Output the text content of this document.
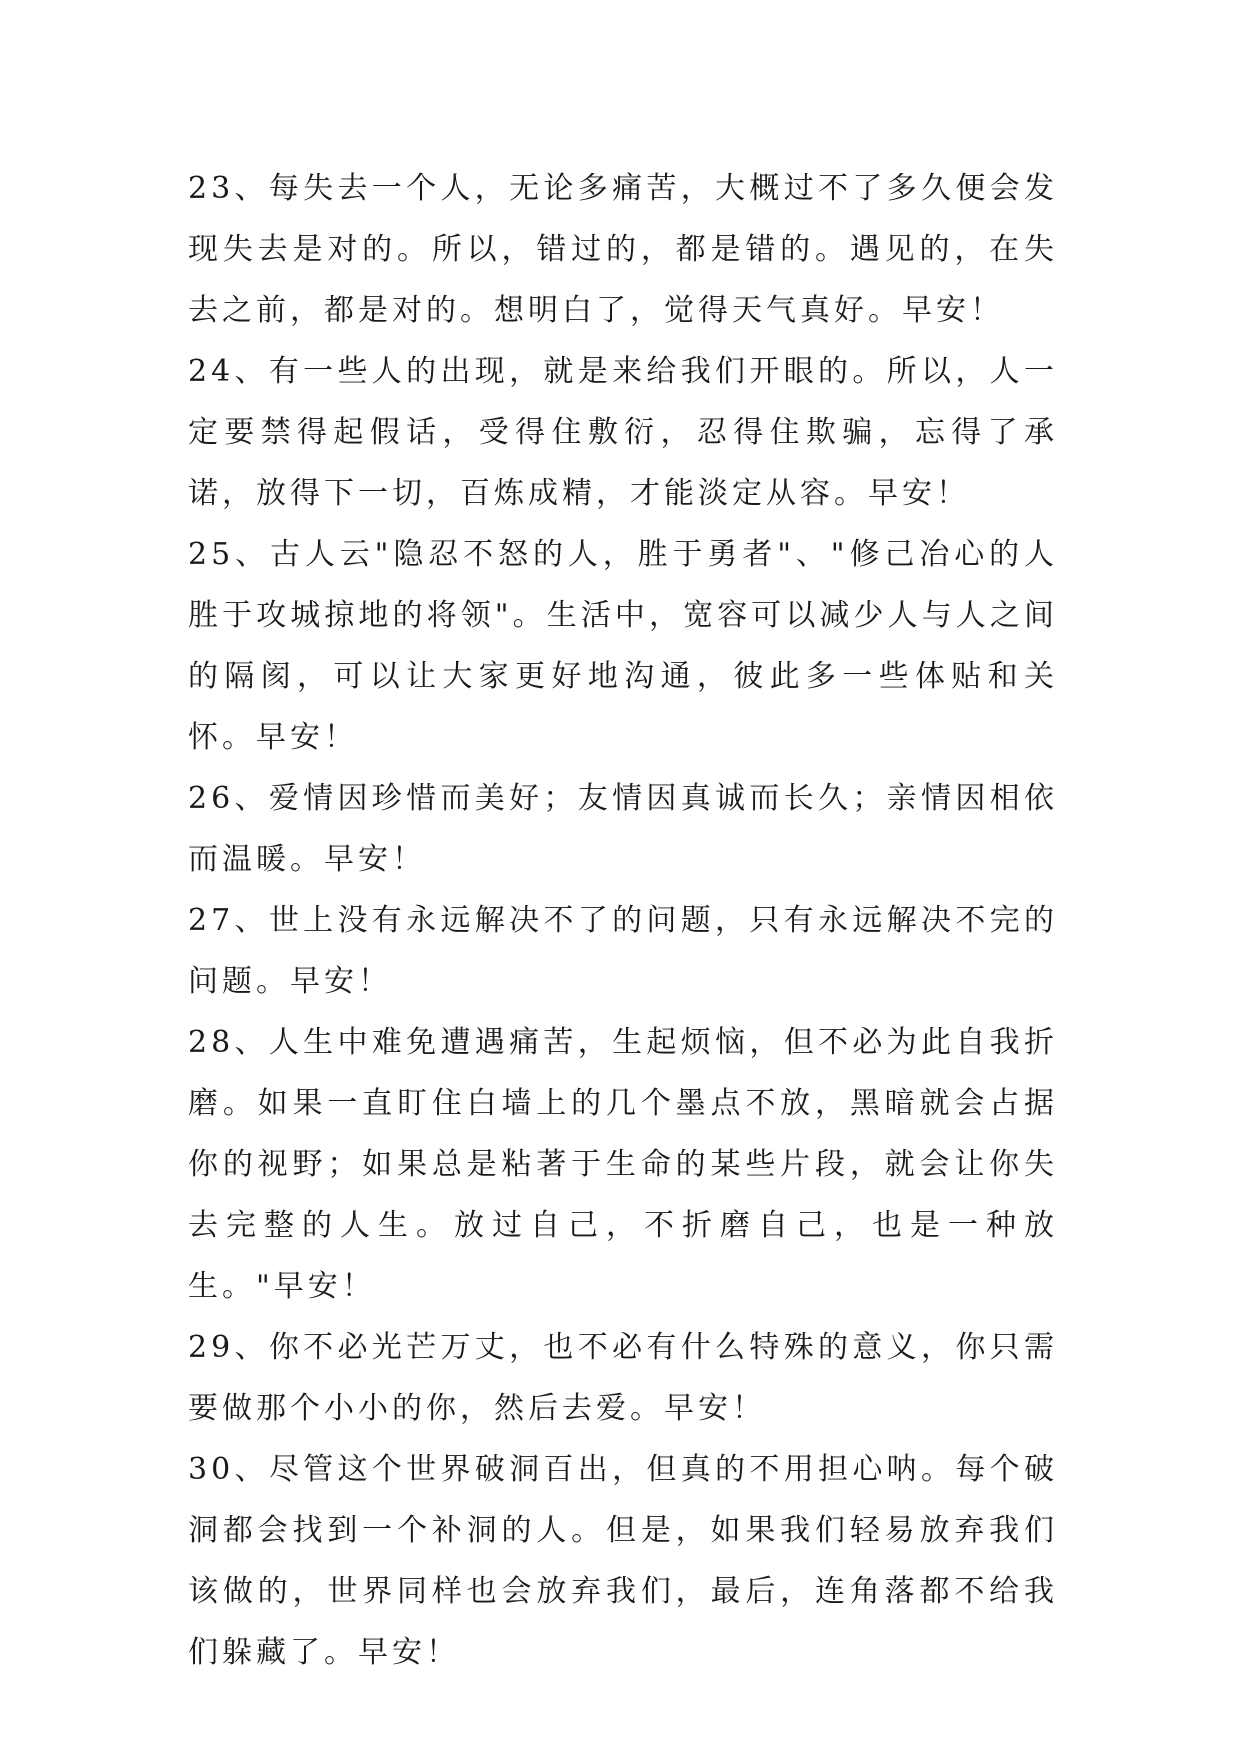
23、每失去一个人，无论多痛苦，大概过不了多久便会发现失去是对的。所以，错过的，都是错的。遇见的，在失去之前，都是对的。想明白了，觉得天气真好。早安！

24、有一些人的出现，就是来给我们开眼的。所以，人一定要禁得起假话，受得住敷衍，忍得住欺骗，忘得了承诺，放得下一切，百炼成精，才能淡定从容。早安！

25、古人云"隐忍不怒的人，胜于勇者"、"修己冶心的人胜于攻城掠地的将领"。生活中，宽容可以减少人与人之间的隔阂，可以让大家更好地沟通，彼此多一些体贴和关怀。早安！

26、爱情因珍惜而美好；友情因真诚而长久；亲情因相依而温暖。早安！

27、世上没有永远解决不了的问题，只有永远解决不完的问题。早安！

28、人生中难免遭遇痛苦，生起烦恼，但不必为此自我折磨。如果一直盯住白墙上的几个墨点不放，黑暗就会占据你的视野；如果总是粘著于生命的某些片段，就会让你失去完整的人生。放过自己，不折磨自己，也是一种放生。"早安！

29、你不必光芒万丈，也不必有什么特殊的意义，你只需要做那个小小的你，然后去爱。早安！

30、尽管这个世界破洞百出，但真的不用担心呐。每个破洞都会找到一个补洞的人。但是，如果我们轻易放弃我们该做的，世界同样也会放弃我们，最后，连角落都不给我们躲藏了。早安！
